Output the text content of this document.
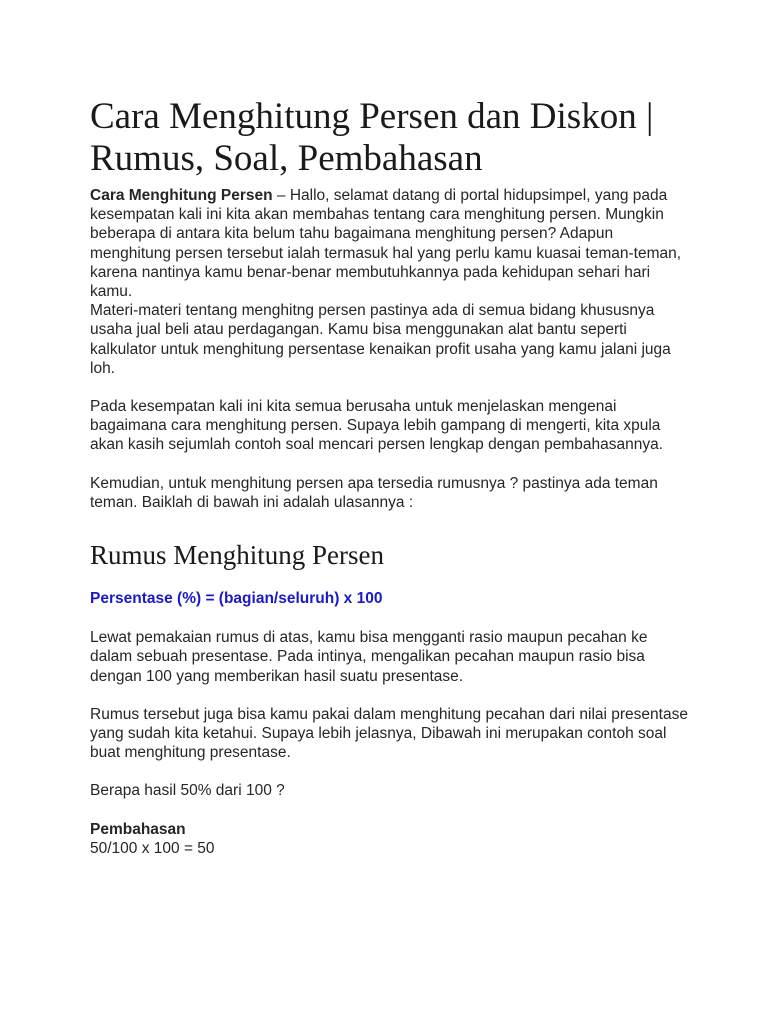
Cara Menghitung Persen dan Diskon | Rumus, Soal, Pembahasan

Cara Menghitung Persen – Hallo, selamat datang di portal hidupsimpel, yang pada kesempatan kali ini kita akan membahas tentang cara menghitung persen. Mungkin beberapa di antara kita belum tahu bagaimana menghitung persen? Adapun menghitung persen tersebut ialah termasuk hal yang perlu kamu kuasai teman-teman, karena nantinya kamu benar-benar membutuhkannya pada kehidupan sehari hari kamu.

Materi-materi tentang menghitng persen pastinya ada di semua bidang khususnya usaha jual beli atau perdagangan. Kamu bisa menggunakan alat bantu seperti kalkulator untuk menghitung persentase kenaikan profit usaha yang kamu jalani juga loh.

Pada kesempatan kali ini kita semua berusaha untuk menjelaskan mengenai bagaimana cara menghitung persen. Supaya lebih gampang di mengerti, kita xpula akan kasih sejumlah contoh soal mencari persen lengkap dengan pembahasannya.

Kemudian, untuk menghitung persen apa tersedia rumusnya ? pastinya ada teman teman. Baiklah di bawah ini adalah ulasannya :

Rumus Menghitung Persen
Persentase (%) = (bagian/seluruh) x 100

Lewat pemakaian rumus di atas, kamu bisa mengganti rasio maupun pecahan ke dalam sebuah presentase. Pada intinya, mengalikan pecahan maupun rasio bisa dengan 100 yang memberikan hasil suatu presentase.

Rumus tersebut juga bisa kamu pakai dalam menghitung pecahan dari nilai presentase yang sudah kita ketahui. Supaya lebih jelasnya, Dibawah ini merupakan contoh soal buat menghitung presentase.

Berapa hasil 50% dari 100 ?

Pembahasan

50/100 x 100 = 50
